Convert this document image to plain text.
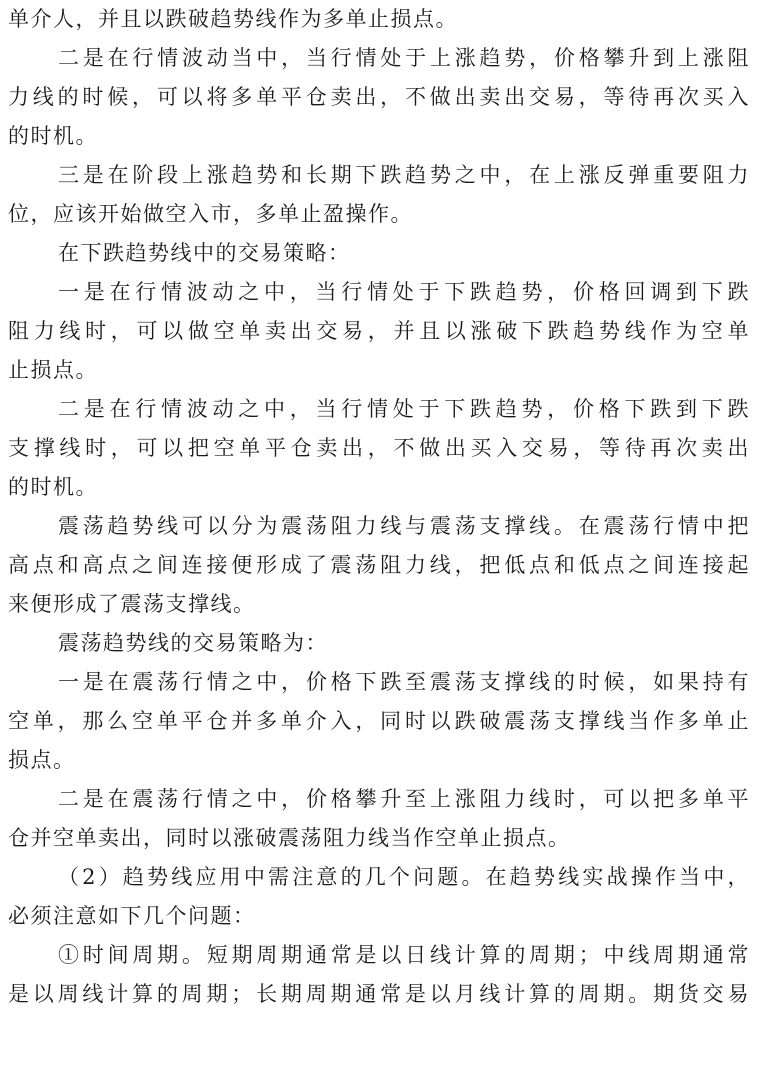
单介人，并且以跌破趋势线作为多单止损点。
二是在行情波动当中，当行情处于上涨趋势，价格攀升到上涨阻
力线的时候，可以将多单平仓卖出，不做出卖出交易，等待再次买入
的时机。
三是在阶段上涨趋势和长期下跌趋势之中，在上涨反弹重要阻力
位，应该开始做空入市，多单止盈操作。
在下跌趋势线中的交易策略：
一是在行情波动之中，当行情处于下跌趋势，价格回调到下跌
阻力线时，可以做空单卖出交易，并且以涨破下跌趋势线作为空单
止损点。
二是在行情波动之中，当行情处于下跌趋势，价格下跌到下跌
支撑线时，可以把空单平仓卖出，不做出买入交易，等待再次卖出
的时机。
震荡趋势线可以分为震荡阻力线与震荡支撑线。在震荡行情中把
高点和高点之间连接便形成了震荡阻力线，把低点和低点之间连接起
来便形成了震荡支撑线。
震荡趋势线的交易策略为：
一是在震荡行情之中，价格下跌至震荡支撑线的时候，如果持有
空单，那么空单平仓并多单介入，同时以跌破震荡支撑线当作多单止
损点。
二是在震荡行情之中，价格攀升至上涨阻力线时，可以把多单平
仓并空单卖出，同时以涨破震荡阻力线当作空单止损点。
（2）趋势线应用中需注意的几个问题。在趋势线实战操作当中，
必须注意如下几个问题：
①时间周期。短期周期通常是以日线计算的周期；中线周期通常
是以周线计算的周期；长期周期通常是以月线计算的周期。期货交易
